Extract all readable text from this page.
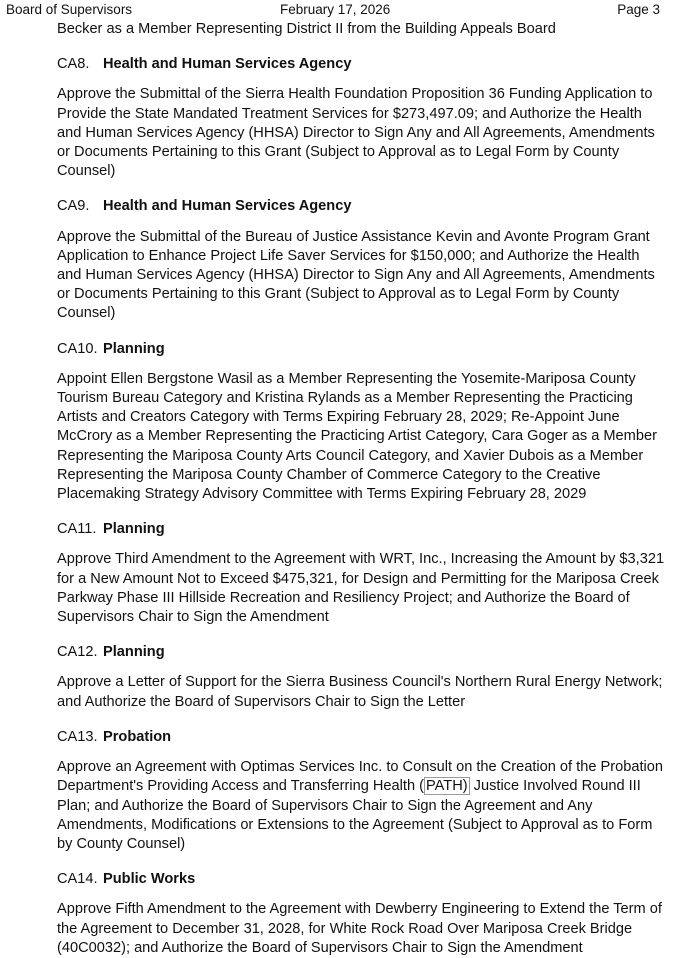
Board of Supervisors	February 17, 2026	Page 3

Becker as a Member Representing District II from the Building Appeals Board

CA8. Health and Human Services Agency

Approve the Submittal of the Sierra Health Foundation Proposition 36 Funding Application to Provide the State Mandated Treatment Services for $273,497.09; and Authorize the Health and Human Services Agency (HHSA) Director to Sign Any and All Agreements, Amendments or Documents Pertaining to this Grant (Subject to Approval as to Legal Form by County Counsel)

CA9. Health and Human Services Agency

Approve the Submittal of the Bureau of Justice Assistance Kevin and Avonte Program Grant Application to Enhance Project Life Saver Services for $150,000; and Authorize the Health and Human Services Agency (HHSA) Director to Sign Any and All Agreements, Amendments or Documents Pertaining to this Grant (Subject to Approval as to Legal Form by County Counsel)

CA10. Planning

Appoint Ellen Bergstone Wasil as a Member Representing the Yosemite-Mariposa County Tourism Bureau Category and Kristina Rylands as a Member Representing the Practicing Artists and Creators Category with Terms Expiring February 28, 2029; Re-Appoint June McCrory as a Member Representing the Practicing Artist Category, Cara Goger as a Member Representing the Mariposa County Arts Council Category, and Xavier Dubois as a Member Representing the Mariposa County Chamber of Commerce Category to the Creative Placemaking Strategy Advisory Committee with Terms Expiring February 28, 2029

CA11. Planning

Approve Third Amendment to the Agreement with WRT, Inc., Increasing the Amount by $3,321 for a New Amount Not to Exceed $475,321, for Design and Permitting for the Mariposa Creek Parkway Phase III Hillside Recreation and Resiliency Project; and Authorize the Board of Supervisors Chair to Sign the Amendment

CA12. Planning

Approve a Letter of Support for the Sierra Business Council's Northern Rural Energy Network; and Authorize the Board of Supervisors Chair to Sign the Letter

CA13. Probation

Approve an Agreement with Optimas Services Inc. to Consult on the Creation of the Probation Department's Providing Access and Transferring Health ( PATH) Justice Involved Round III Plan; and Authorize the Board of Supervisors Chair to Sign the Agreement and Any Amendments, Modifications or Extensions to the Agreement (Subject to Approval as to Form by County Counsel)

CA14. Public Works

Approve Fifth Amendment to the Agreement with Dewberry Engineering to Extend the Term of the Agreement to December 31, 2028, for White Rock Road Over Mariposa Creek Bridge (40C0032); and Authorize the Board of Supervisors Chair to Sign the Amendment
